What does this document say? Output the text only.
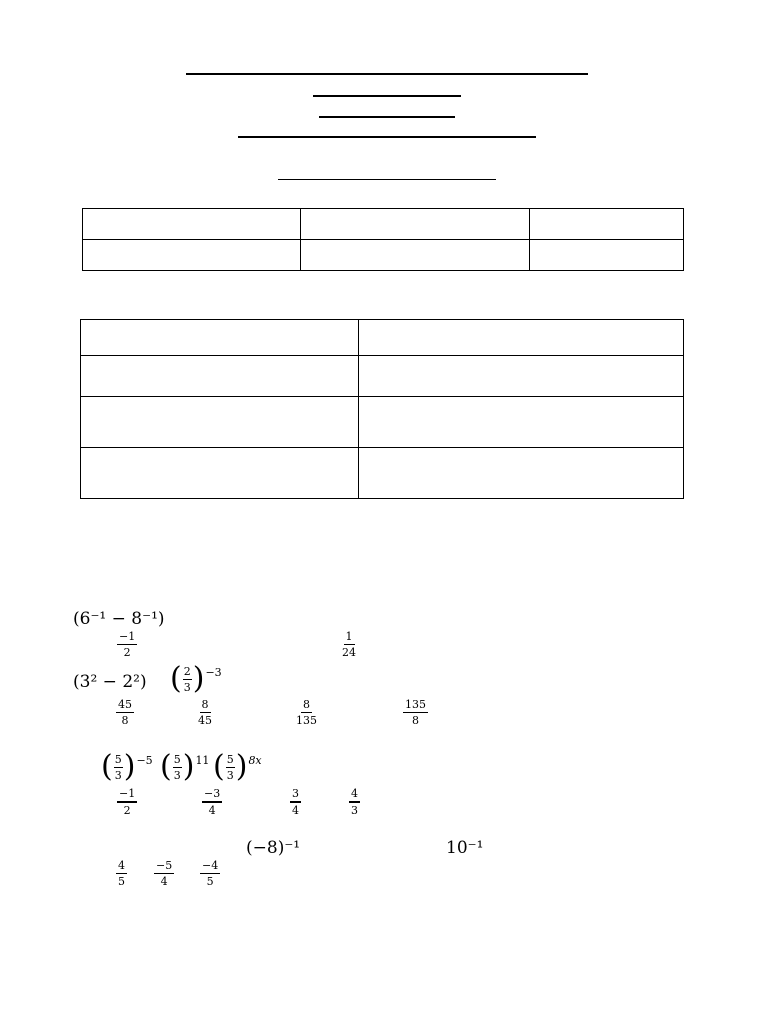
(6⁻¹ − 8⁻¹)
$\frac{-1}{2}$	$\frac{1}{24}$
(3² − 2²) ( 2
3 ) −3
$\frac{45}{8}$	$\frac{8}{45}$	$\frac{8}{135}$	$\frac{135}{8}$
( 5
3 ) −5 ( 5
3 ) 11 ( 5
3 ) 8x
$\frac{-1}{2}$	$\frac{-3}{4}$	$\frac{3}{4}$	$\frac{4}{3}$
(−8)⁻¹	10⁻¹
$\frac{4}{5} \frac{-5}{4} \frac{-4}{5}$
